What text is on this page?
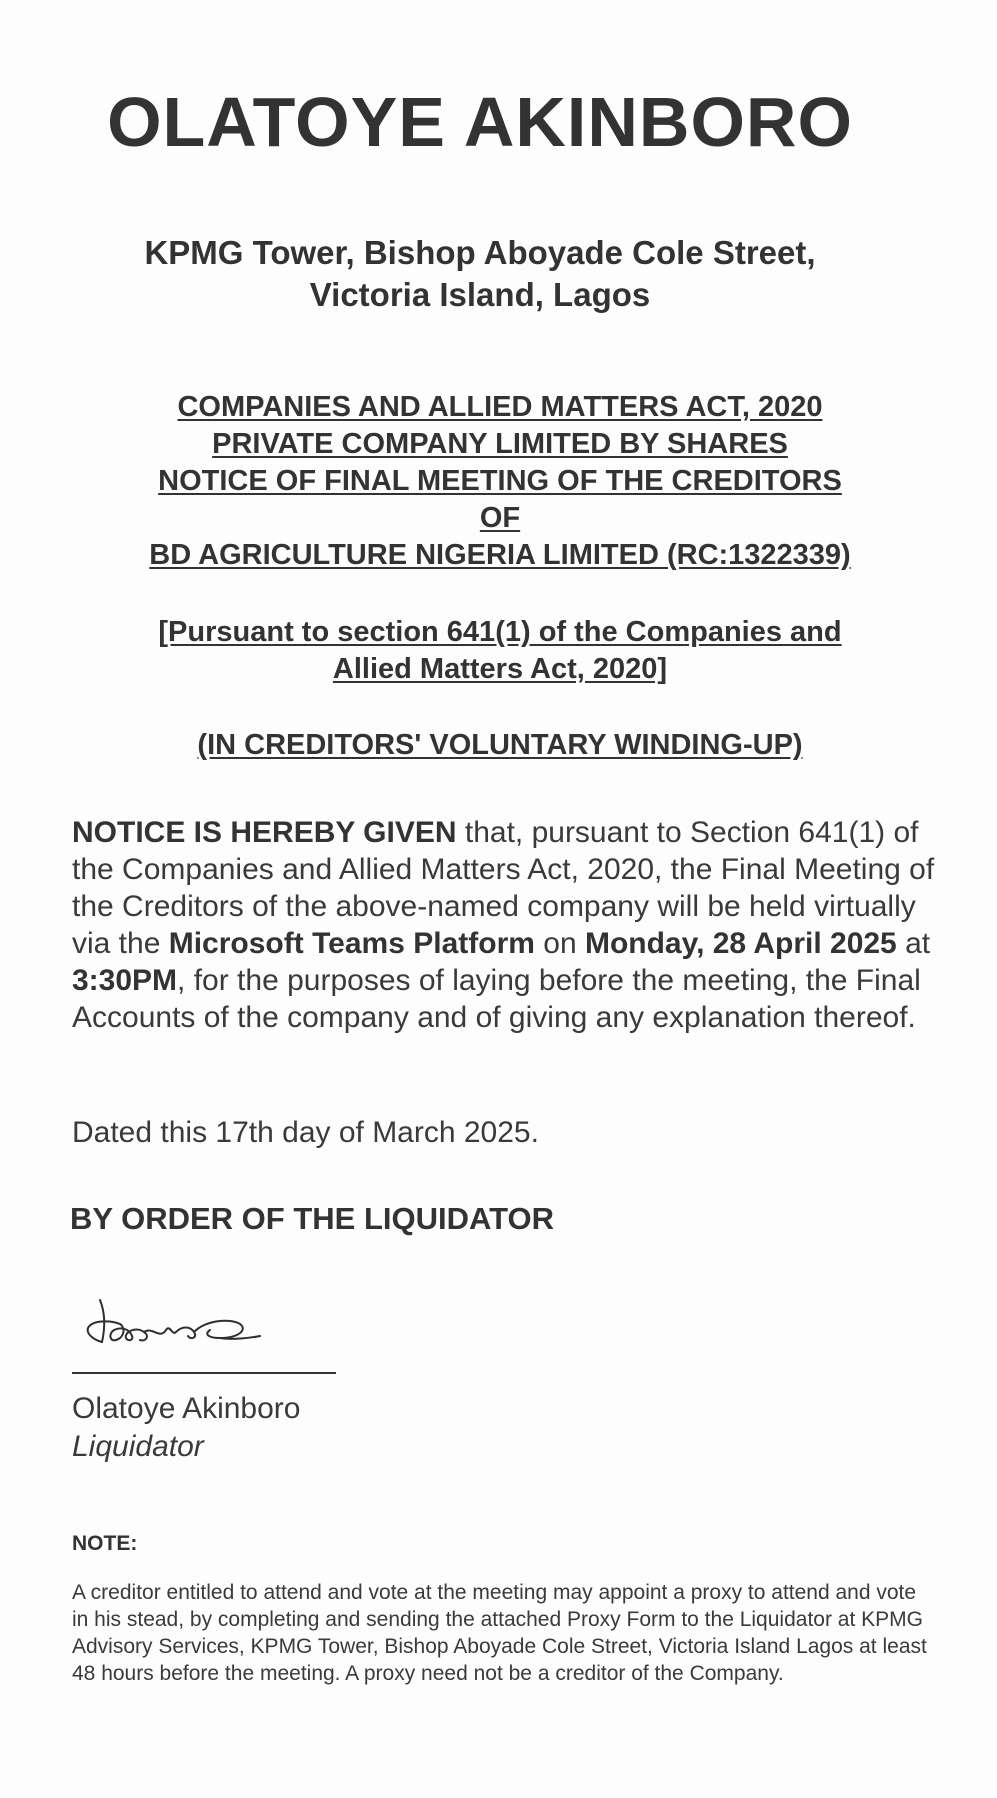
OLATOYE AKINBORO
KPMG Tower, Bishop Aboyade Cole Street,
Victoria Island, Lagos
COMPANIES AND ALLIED MATTERS ACT, 2020
PRIVATE COMPANY LIMITED BY SHARES
NOTICE OF FINAL MEETING OF THE CREDITORS
OF
BD AGRICULTURE NIGERIA LIMITED (RC:1322339)
[Pursuant to section 641(1) of the Companies and
Allied Matters Act, 2020]
(IN CREDITORS' VOLUNTARY WINDING-UP)

NOTICE IS HEREBY GIVEN that, pursuant to Section 641(1) of the Companies and Allied Matters Act, 2020, the Final Meeting of the Creditors of the above-named company will be held virtually via the Microsoft Teams Platform on Monday, 28 April 2025 at 3:30PM, for the purposes of laying before the meeting, the Final Accounts of the company and of giving any explanation thereof.

Dated this 17th day of March 2025.

BY ORDER OF THE LIQUIDATOR

Olatoye Akinboro

Liquidator

NOTE:

A creditor entitled to attend and vote at the meeting may appoint a proxy to attend and vote in his stead, by completing and sending the attached Proxy Form to the Liquidator at KPMG Advisory Services, KPMG Tower, Bishop Aboyade Cole Street, Victoria Island Lagos at least 48 hours before the meeting. A proxy need not be a creditor of the Company.
